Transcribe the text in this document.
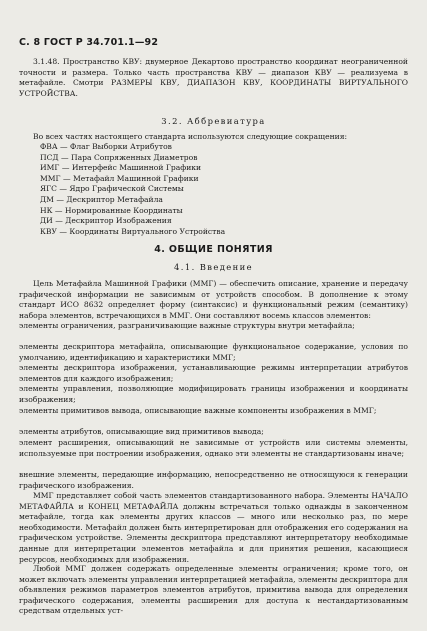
С. 8 ГОСТ Р 34.701.1—92

3.1.48. Пространство КВУ: двумерное Декартово пространство координат неограниченной точности и размера. Только часть пространства КВУ — диапазон КВУ — реализуема в метафайле. Смотри РАЗМЕРЫ КВУ, ДИАПАЗОН КВУ, КООРДИНАТЫ ВИРТУАЛЬНОГО УСТРОЙСТВА.

3.2. Аббревиатура

Во всех частях настоящего стандарта используются следующие сокращения:

ФВА — Флаг Выборки Атрибутов
ПСД — Пара Сопряженных Диаметров
ИМГ — Интерфейс Машинной Графики
ММГ — Метафайл Машинной Графики
ЯГС — Ядро Графической Системы
ДМ — Дескриптор Метафайла
НК — Нормированные Координаты
ДИ — Дескриптор Изображения
КВУ — Координаты Виртуального Устройства
4. ОБЩИЕ ПОНЯТИЯ
4.1. Введение

Цель Метафайла Машинной Графики (ММГ) — обеспечить описание, хранение и передачу графической информации не зависимым от устройств способом. В дополнение к этому стандарт ИСО 8632 определяет форму (синтаксис) и функциональный режим (семантику) набора элементов, встречающихся в ММГ. Они составляют восемь классов элементов:

элементы ограничения, разграничивающие важные структуры внутри метафайла;

элементы дескриптора метафайла, описывающие функциональное содержание, условия по умолчанию, идентификацию и характеристики ММГ;

элементы дескриптора изображения, устанавливающие режимы интерпретации атрибутов элементов для каждого изображения;

элементы управления, позволяющие модифицировать границы изображения и координаты изображения;

элементы примитивов вывода, описывающие важные компоненты изображения в ММГ;

элементы атрибутов, описывающие вид примитивов вывода;

элемент расширения, описывающий не зависимые от устройств или системы элементы, используемые при построении изображения, однако эти элементы не стандартизованы иначе;

внешние элементы, передающие информацию, непосредственно не относящуюся к генерации графического изображения.

ММГ представляет собой часть элементов стандартизованного набора. Элементы НАЧАЛО МЕТАФАЙЛА и КОНЕЦ МЕТАФАЙЛА должны встречаться только однажды в законченном метафайле, тогда как элементы других классов — много или несколько раз, по мере необходимости. Метафайл должен быть интерпретирован для отображения его содержания на графическом устройстве. Элементы дескриптора представляют интерпретатору необходимые данные для интерпретации элементов метафайла и для принятия решения, касающиеся ресурсов, необходимых для изображения.

Любой ММГ должен содержать определенные элементы ограничения; кроме того, он может включать элементы управления интерпретацией метафайла, элементы дескриптора для объявления режимов параметров элементов атрибутов, примитива вывода для определения графического содержания, элементы расширения для доступа к нестандартизованным средствам отдельных уст-
